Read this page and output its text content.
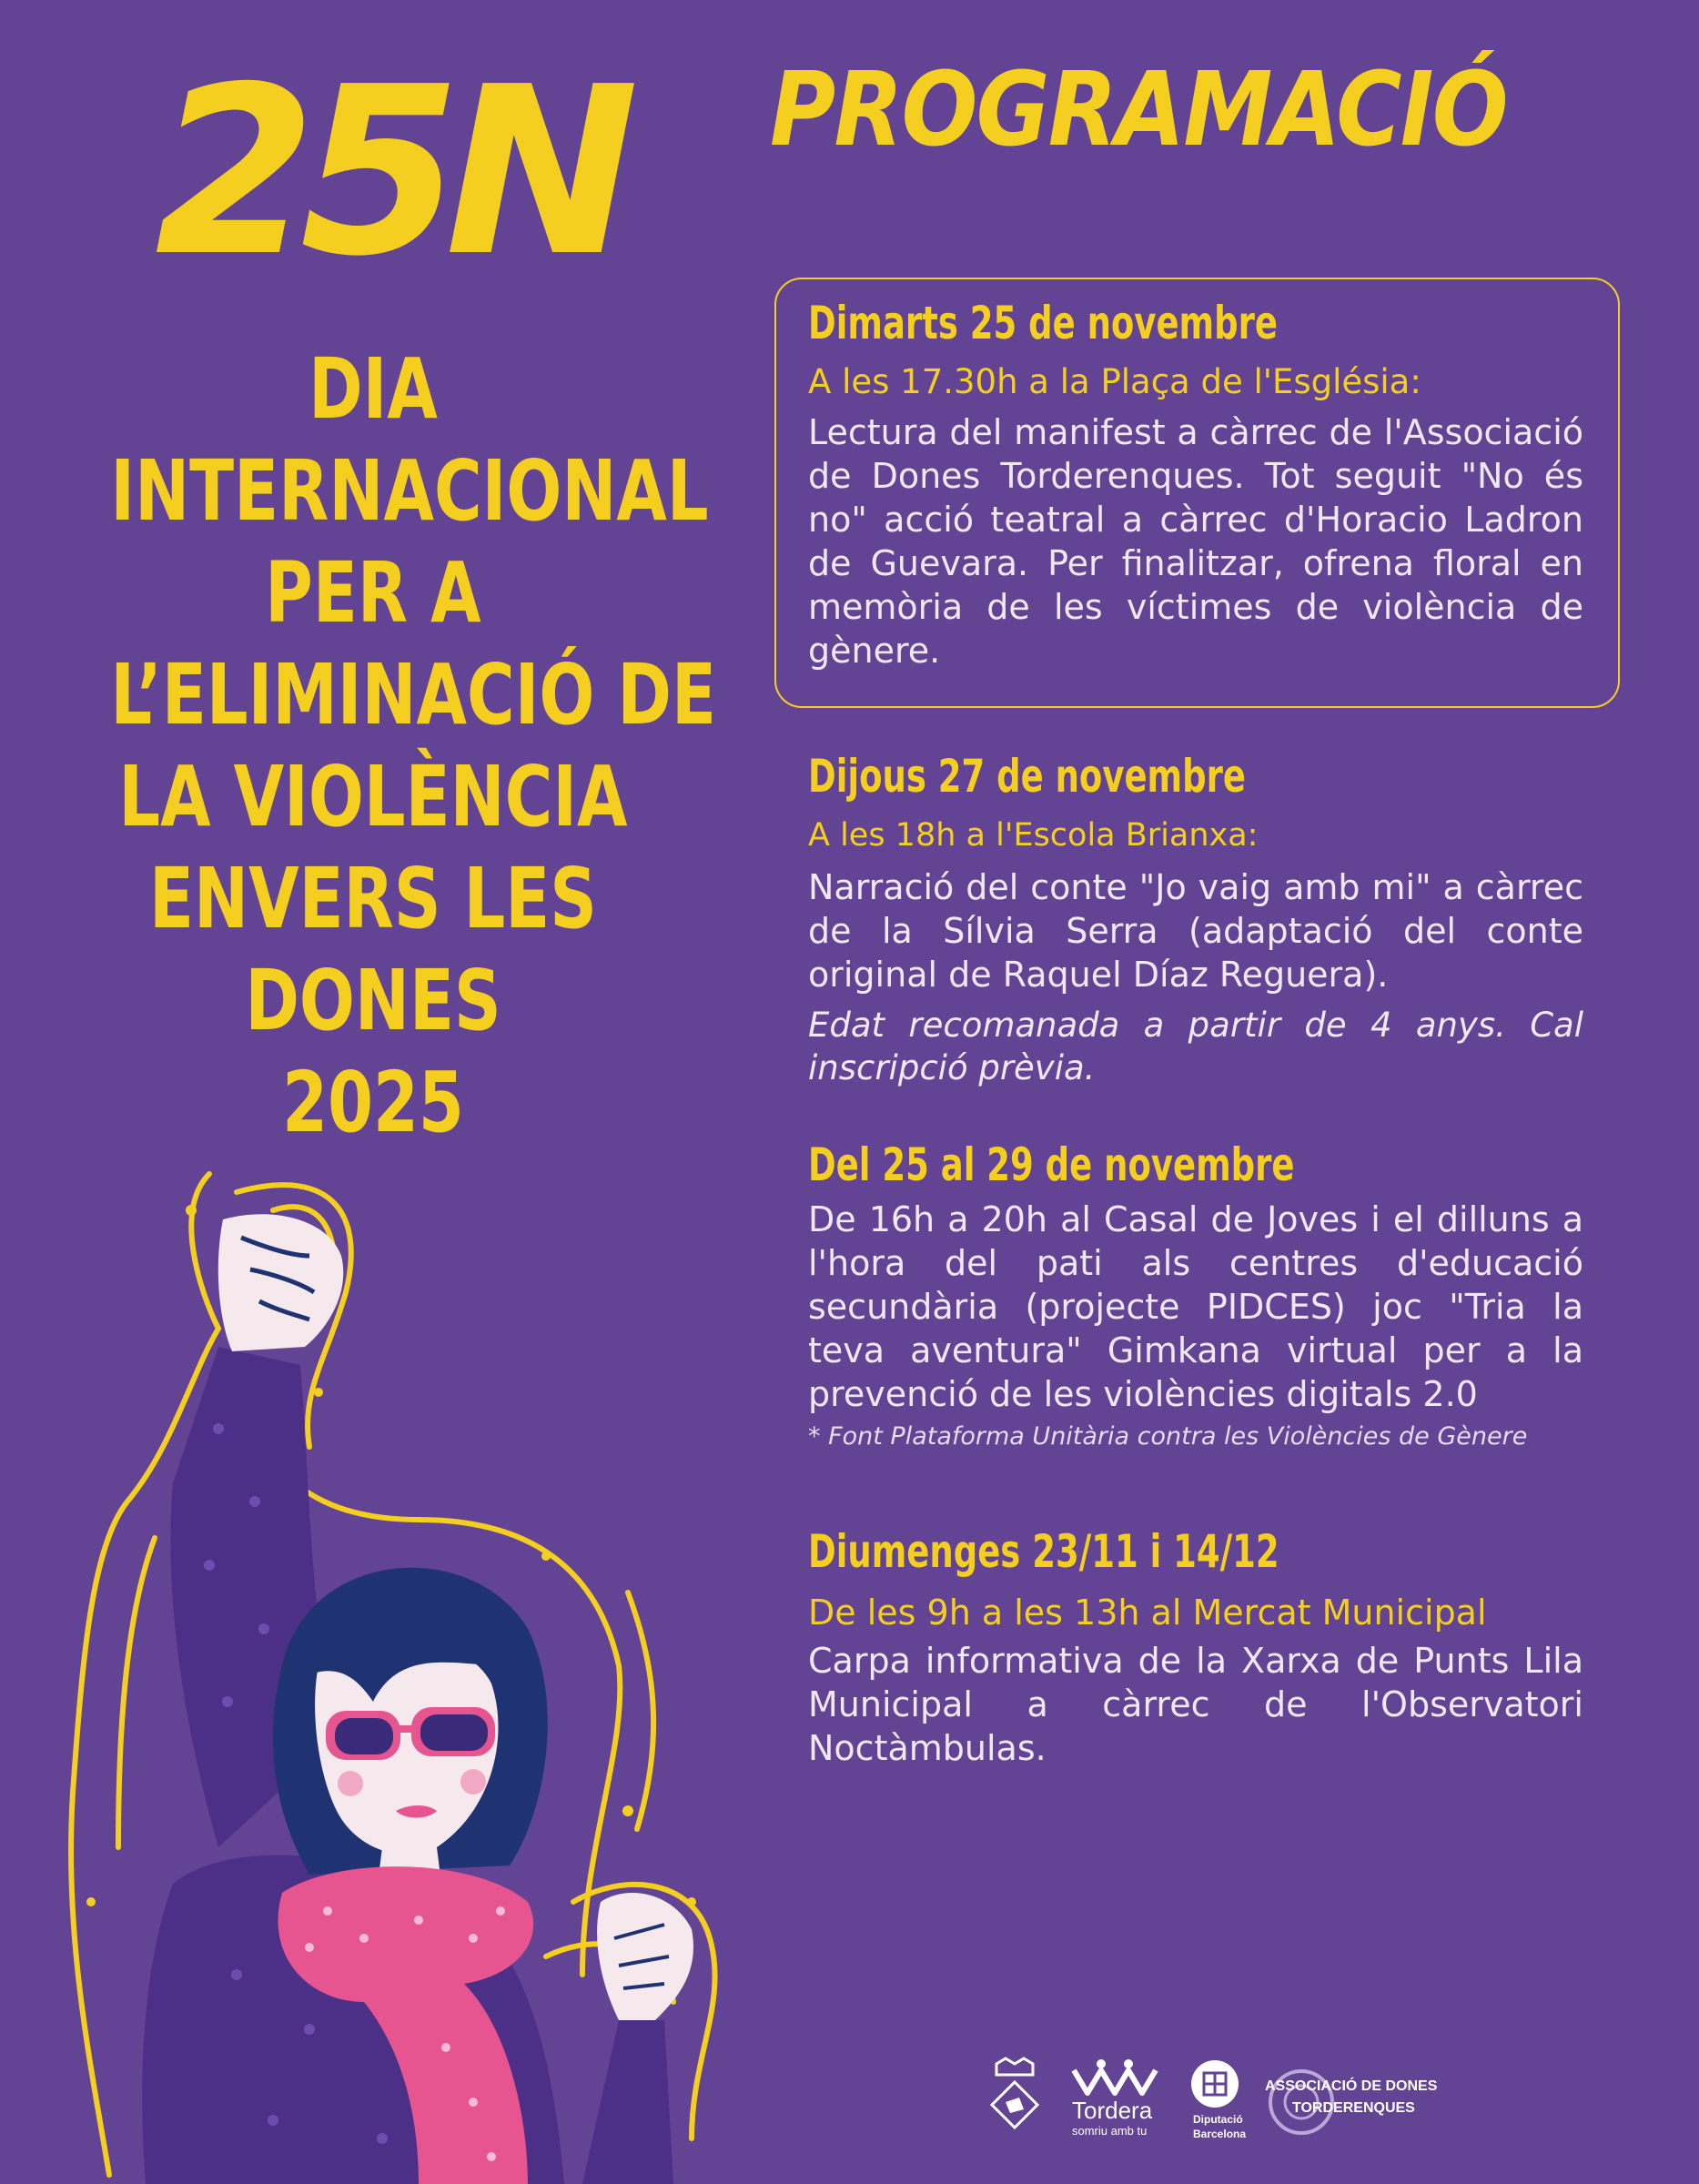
25N
DIA
INTERNACIONAL
PER A
L’ELIMINACIÓ DE
LA VIOLÈNCIA
ENVERS LES
DONES
2025
PROGRAMACIÓ
Dimarts 25 de novembre
A les 17.30h a la Plaça de l'Església:
Lectura del manifest a càrrec de l'Associació de Dones Torderenques. Tot seguit "No és no" acció teatral a càrrec d'Horacio Ladron de Guevara. Per finalitzar, ofrena floral en memòria de les víctimes de violència de gènere.
Dijous 27 de novembre
A les 18h a l'Escola Brianxa:
Narració del conte "Jo vaig amb mi" a càrrec de la Sílvia Serra (adaptació del conte original de Raquel Díaz Reguera).
Edat recomanada a partir de 4 anys. Cal inscripció prèvia.
Del 25 al 29 de novembre
De 16h a 20h al Casal de Joves i el dilluns a l'hora del pati als centres d'educació secundària (projecte PIDCES) joc "Tria la teva aventura" Gimkana virtual per a la prevenció de les violències digitals 2.0
* Font Plataforma Unitària contra les Violències de Gènere
Diumenges 23/11 i 14/12
De les 9h a les 13h al Mercat Municipal
Carpa informativa de la Xarxa de Punts Lila Municipal a càrrec de l'Observatori Noctàmbulas.
Tordera
somriu amb tu
Diputació
Barcelona
ASSOCIACIÓ DE DONES
TORDERENQUES
